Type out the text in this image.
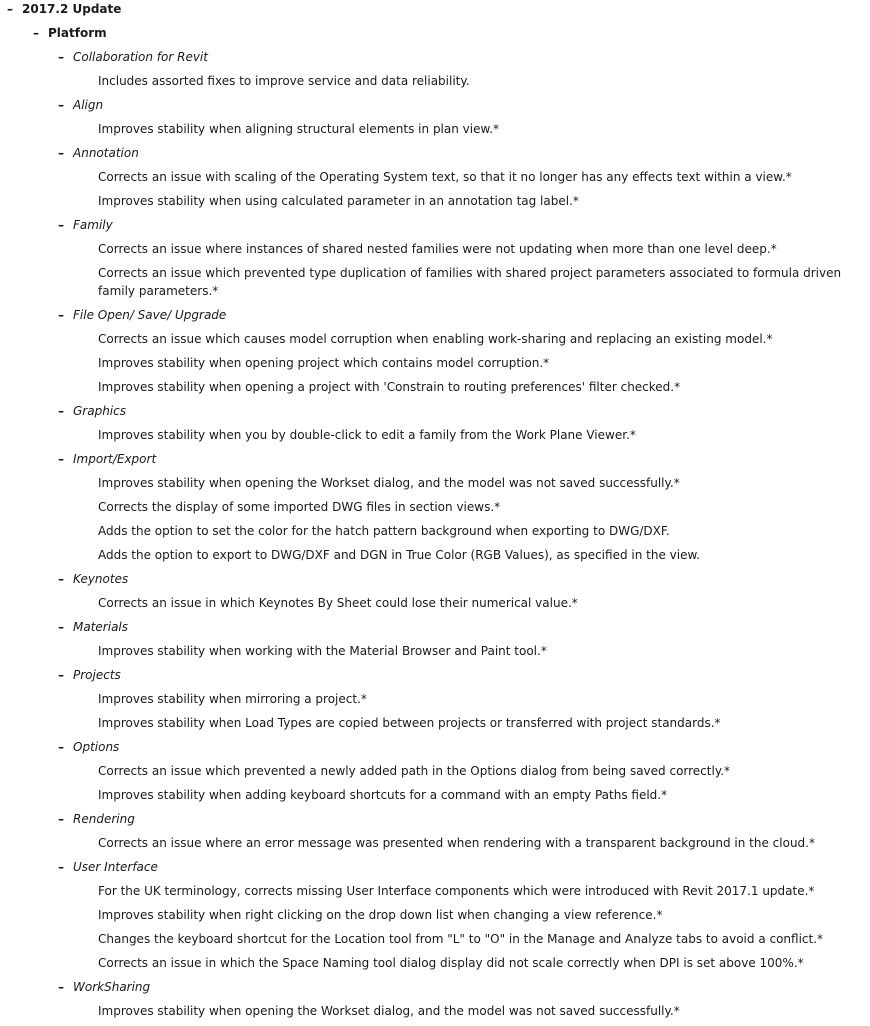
– 2017.2 Update
– Platform
– Collaboration for Revit
Includes assorted fixes to improve service and data reliability.
– Align
Improves stability when aligning structural elements in plan view.*
– Annotation
Corrects an issue with scaling of the Operating System text, so that it no longer has any effects text within a view.*
Improves stability when using calculated parameter in an annotation tag label.*
– Family
Corrects an issue where instances of shared nested families were not updating when more than one level deep.*
Corrects an issue which prevented type duplication of families with shared project parameters associated to formula driven family parameters.*
– File Open/ Save/ Upgrade
Corrects an issue which causes model corruption when enabling work-sharing and replacing an existing model.*
Improves stability when opening project which contains model corruption.*
Improves stability when opening a project with 'Constrain to routing preferences' filter checked.*
– Graphics
Improves stability when you by double-click to edit a family from the Work Plane Viewer.*
– Import/Export
Improves stability when opening the Workset dialog, and the model was not saved successfully.*
Corrects the display of some imported DWG files in section views.*
Adds the option to set the color for the hatch pattern background when exporting to DWG/DXF.
Adds the option to export to DWG/DXF and DGN in True Color (RGB Values), as specified in the view.
– Keynotes
Corrects an issue in which Keynotes By Sheet could lose their numerical value.*
– Materials
Improves stability when working with the Material Browser and Paint tool.*
– Projects
Improves stability when mirroring a project.*
Improves stability when Load Types are copied between projects or transferred with project standards.*
– Options
Corrects an issue which prevented a newly added path in the Options dialog from being saved correctly.*
Improves stability when adding keyboard shortcuts for a command with an empty Paths field.*
– Rendering
Corrects an issue where an error message was presented when rendering with a transparent background in the cloud.*
– User Interface
For the UK terminology, corrects missing User Interface components which were introduced with Revit 2017.1 update.*
Improves stability when right clicking on the drop down list when changing a view reference.*
Changes the keyboard shortcut for the Location tool from "L" to "O" in the Manage and Analyze tabs to avoid a conflict.*
Corrects an issue in which the Space Naming tool dialog display did not scale correctly when DPI is set above 100%.*
– WorkSharing
Improves stability when opening the Workset dialog, and the model was not saved successfully.*
